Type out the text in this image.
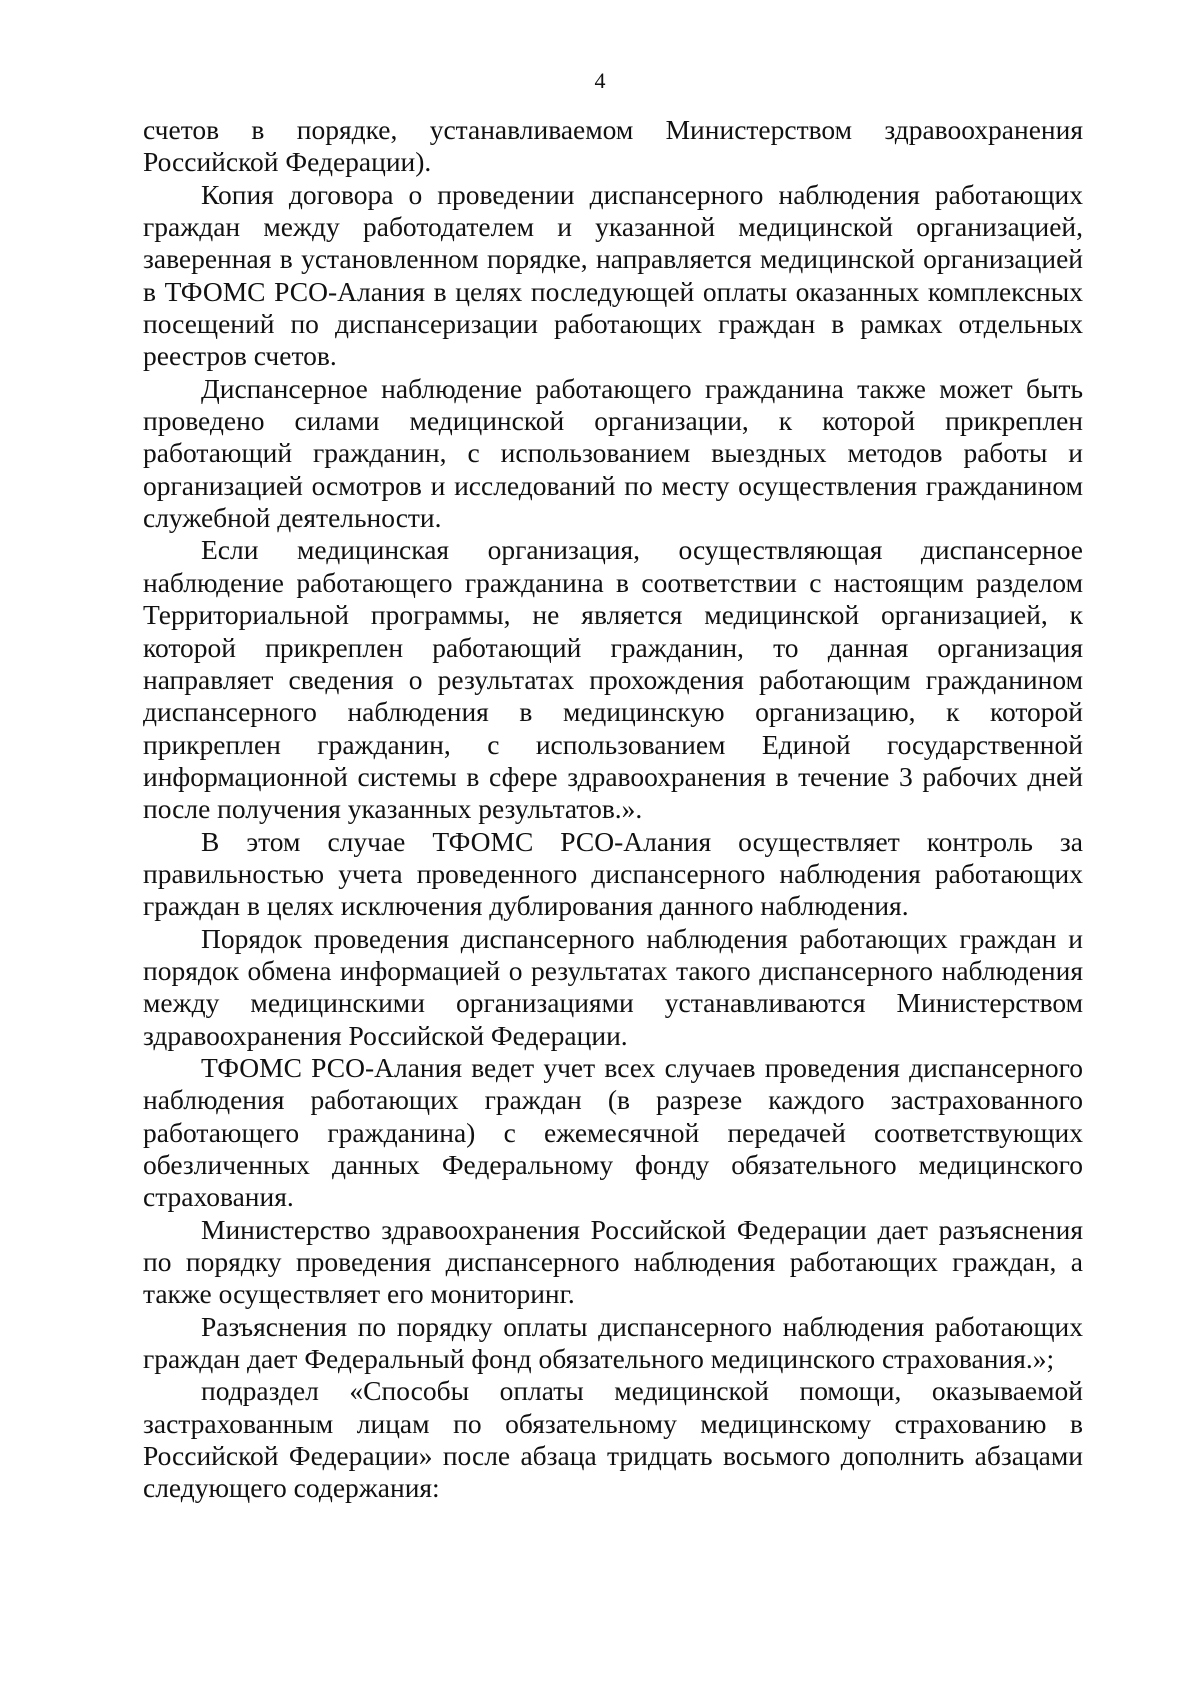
4

счетов в порядке, устанавливаемом Министерством здравоохранения Российской Федерации).

Копия договора о проведении диспансерного наблюдения работающих граждан между работодателем и указанной медицинской организацией, заверенная в установленном порядке, направляется медицинской организацией в ТФОМС РСО-Алания в целях последующей оплаты оказанных комплексных посещений по диспансеризации работающих граждан в рамках отдельных реестров счетов.

Диспансерное наблюдение работающего гражданина также может быть проведено силами медицинской организации, к которой прикреплен работающий гражданин, с использованием выездных методов работы и организацией осмотров и исследований по месту осуществления гражданином служебной деятельности.

Если медицинская организация, осуществляющая диспансерное наблюдение работающего гражданина в соответствии с настоящим разделом Территориальной программы, не является медицинской организацией, к которой прикреплен работающий гражданин, то данная организация направляет сведения о результатах прохождения работающим гражданином диспансерного наблюдения в медицинскую организацию, к которой прикреплен гражданин, с использованием Единой государственной информационной системы в сфере здравоохранения в течение 3 рабочих дней после получения указанных результатов.».

В этом случае ТФОМС РСО-Алания осуществляет контроль за правильностью учета проведенного диспансерного наблюдения работающих граждан в целях исключения дублирования данного наблюдения.

Порядок проведения диспансерного наблюдения работающих граждан и порядок обмена информацией о результатах такого диспансерного наблюдения между медицинскими организациями устанавливаются Министерством здравоохранения Российской Федерации.

ТФОМС РСО-Алания ведет учет всех случаев проведения диспансерного наблюдения работающих граждан (в разрезе каждого застрахованного работающего гражданина) с ежемесячной передачей соответствующих обезличенных данных Федеральному фонду обязательного медицинского страхования.

Министерство здравоохранения Российской Федерации дает разъяснения по порядку проведения диспансерного наблюдения работающих граждан, а также осуществляет его мониторинг.

Разъяснения по порядку оплаты диспансерного наблюдения работающих граждан дает Федеральный фонд обязательного медицинского страхования.»;

подраздел «Способы оплаты медицинской помощи, оказываемой застрахованным лицам по обязательному медицинскому страхованию в Российской Федерации» после абзаца тридцать восьмого дополнить абзацами следующего содержания:
